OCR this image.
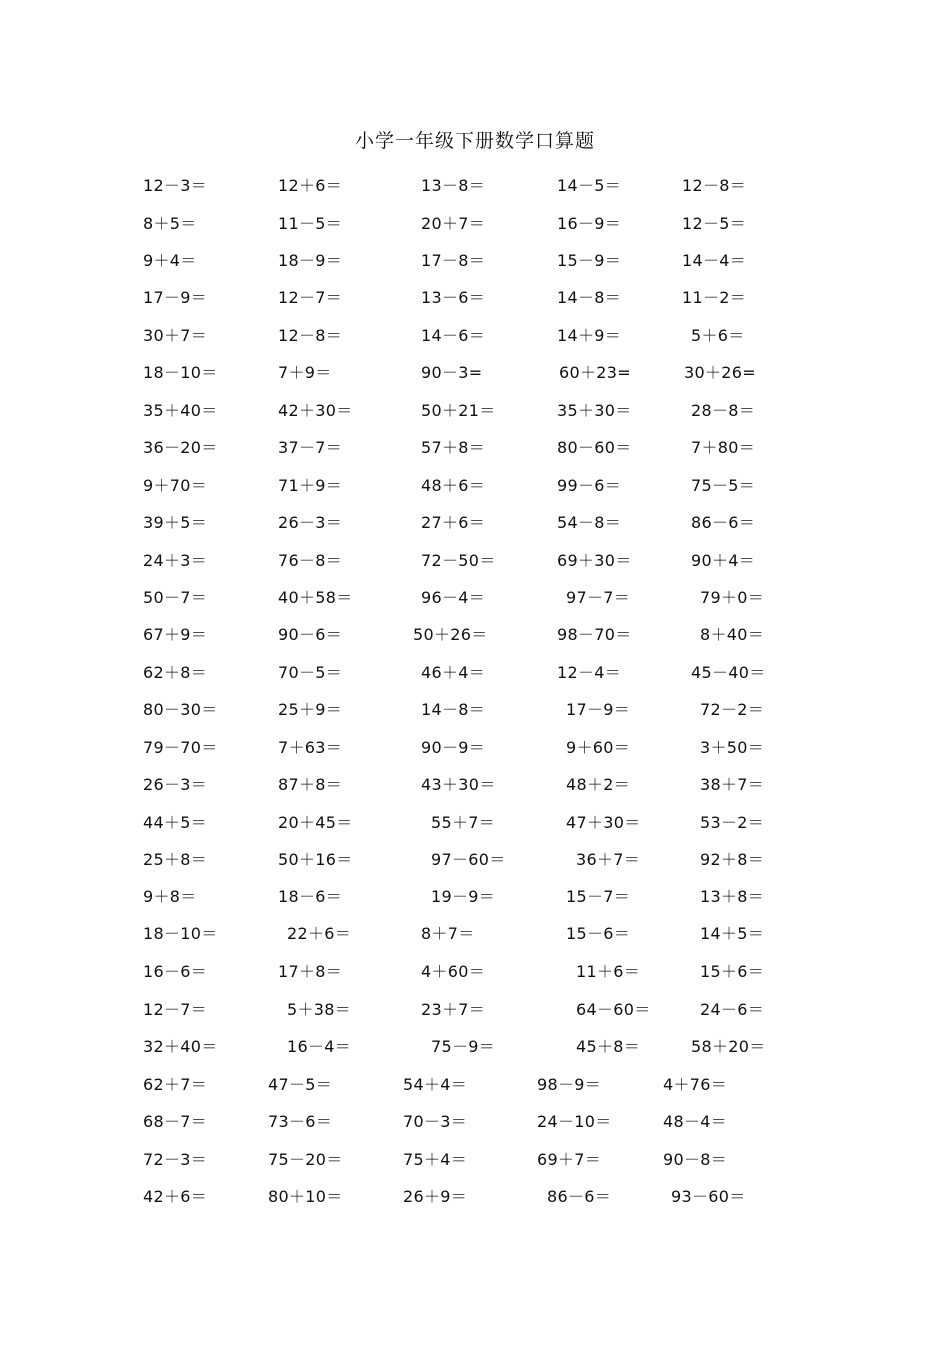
小学一年级下册数学口算题
12－3＝	12＋6＝	13－8＝	14－5＝	12－8＝
8＋5＝	11－5＝	20＋7＝	16－9＝	12－5＝
9＋4＝	18－9＝	17－8＝	15－9＝	14－4＝
17－9＝	12－7＝	13－6＝	14－8＝	11－2＝
30＋7＝	12－8＝	14－6＝	14＋9＝	5＋6＝
18－10＝	7＋9＝	90－3=	60＋23=	30＋26=
35＋40＝	42＋30＝	50＋21＝	35＋30＝	28－8＝
36－20＝	37－7＝	57＋8＝	80－60＝	7＋80＝
9＋70＝	71＋9＝	48＋6＝	99－6＝	75－5＝
39＋5＝	26－3＝	27＋6＝	54－8＝	86－6＝
24＋3＝	76－8＝	72－50＝	69＋30＝	90＋4＝
50－7＝	40＋58＝	96－4＝	97－7＝	79＋0＝
67＋9＝	90－6＝	50＋26＝	98－70＝	8＋40＝
62＋8＝	70－5＝	46＋4＝	12－4＝	45－40＝
80－30＝	25＋9＝	14－8＝	17－9＝	72－2＝
79－70＝	7＋63＝	90－9＝	9＋60＝	3＋50＝
26－3＝	87＋8＝	43＋30＝	48＋2＝	38＋7＝
44＋5＝	20＋45＝	55＋7＝	47＋30＝	53－2＝
25＋8＝	50＋16＝	97－60＝	36＋7＝	92＋8＝
9＋8＝	18－6＝	19－9＝	15－7＝	13＋8＝
18－10＝	22＋6＝	8＋7＝	15－6＝	14＋5＝
16－6＝	17＋8＝	4＋60＝	11＋6＝	15＋6＝
12－7＝	5＋38＝	23＋7＝	64－60＝	24－6＝
32＋40＝	16－4＝	75－9＝	45＋8＝	58＋20＝
62＋7＝	47－5＝	54＋4＝	98－9＝	4＋76＝
68－7＝	73－6＝	70－3＝	24－10＝	48－4＝
72－3＝	75－20＝	75＋4＝	69＋7＝	90－8＝
42＋6＝	80＋10＝	26＋9＝	86－6＝	93－60＝
